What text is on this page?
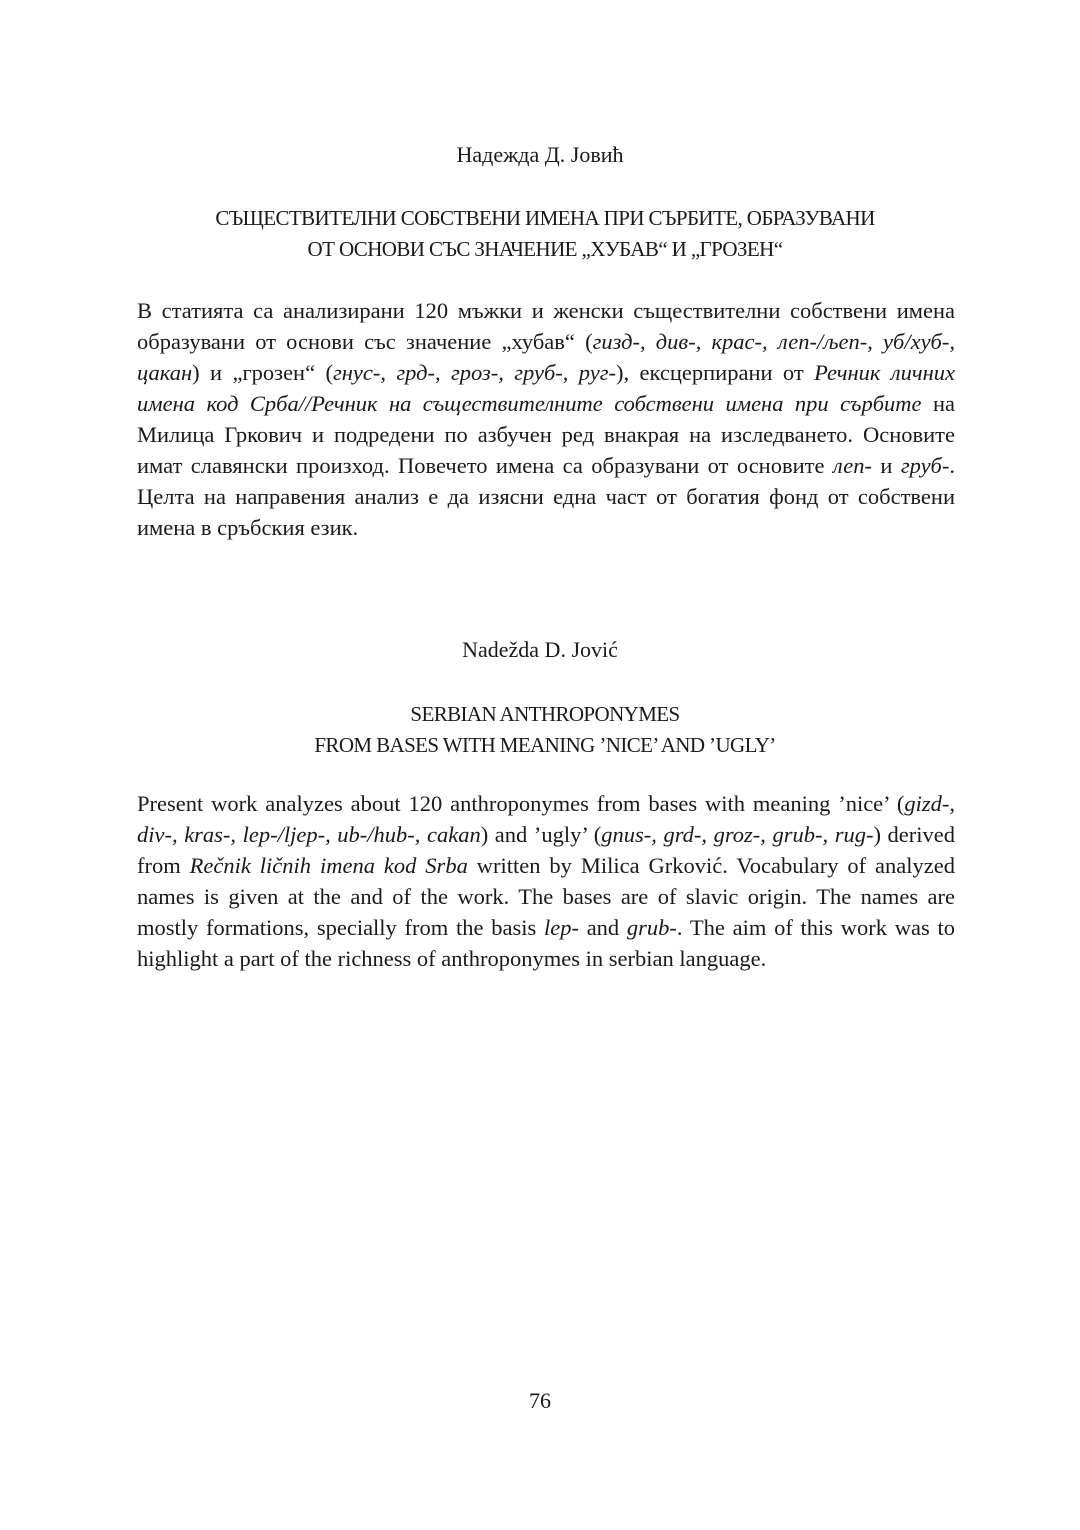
Надежда Д. Јовић
СЪЩЕСТВИТЕЛНИ СОБСТВЕНИ ИМЕНА ПРИ СЪРБИТЕ, ОБРАЗУВАНИ
ОТ ОСНОВИ СЪС ЗНАЧЕНИЕ „ХУБАВ“ И „ГРОЗЕН“

В статията са анализирани 120 мъжки и женски съществителни собствени имена образувани от основи със значение „хубав“ (гизд-, див-, крас-, леп-/љеп-, уб/хуб-, цакан) и „грозен“ (гнус-, грд-, гроз-, груб-, руг-), ексцерпирани от Речник личних имена код Срба//Речник на съществителните собствени имена при сърбите на Милица Гркович и подредени по азбучен ред внакрая на изследването. Основите имат славянски произход. Повечето имена са образувани от основите леп- и груб-. Целта на направения анализ е да изясни една част от богатия фонд от собствени имена в сръбския език.

Nadežda D. Jović
SERBIAN ANTHROPONYMES
FROM BASES WITH MEANING ’NICE’ AND ’UGLY’

Present work analyzes about 120 anthroponymes from bases with meaning ’nice’ (gizd-, div-, kras-, lep-/ljep-, ub-/hub-, cakan) and ’ugly’ (gnus-, grd-, groz-, grub-, rug-) derived from Rečnik ličnih imena kod Srba written by Milica Grković. Vocabulary of analyzed names is given at the and of the work. The bases are of slavic origin. The names are mostly formations, specially from the basis lep- and grub-. The aim of this work was to highlight a part of the richness of anthroponymes in serbian language.

76
